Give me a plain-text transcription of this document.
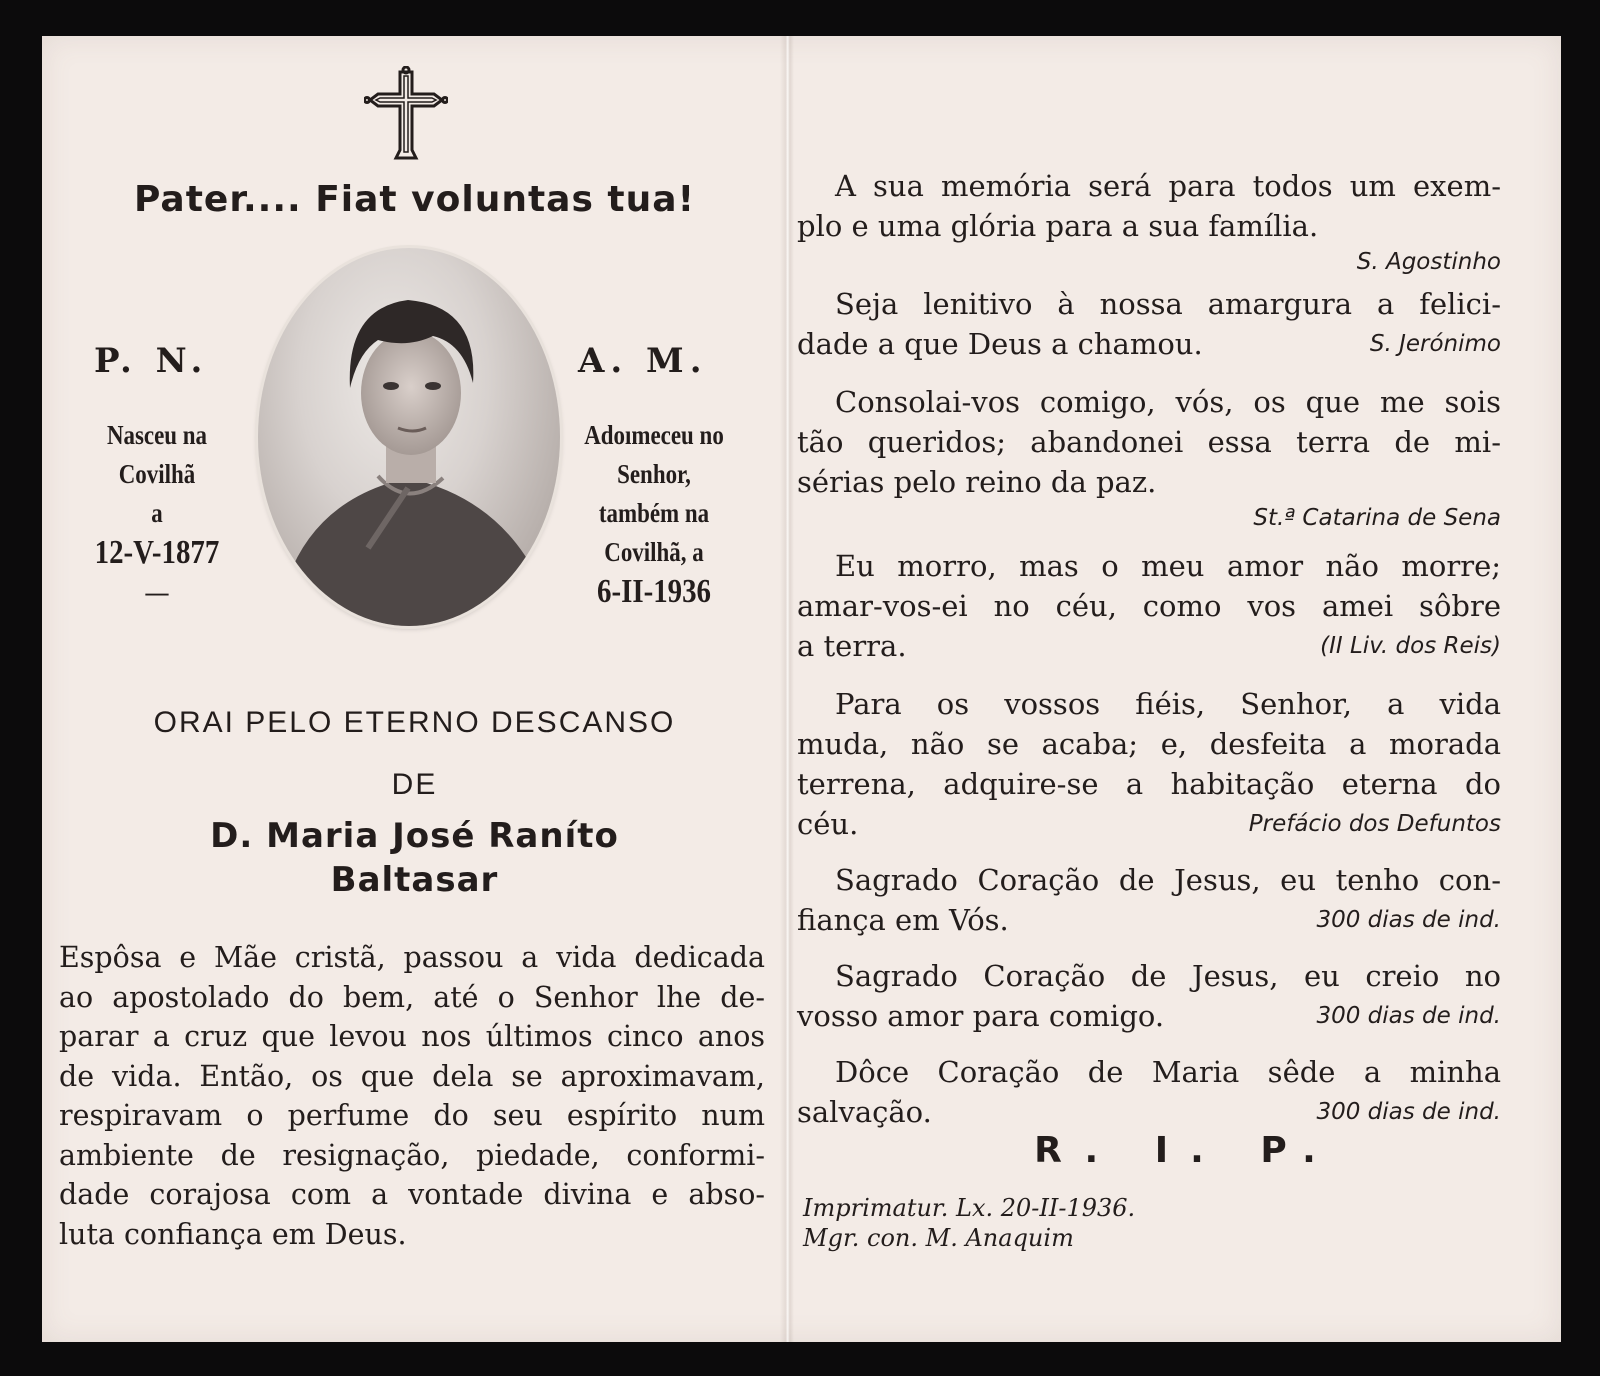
Pater.... Fiat voluntas tua!
P. N.	A. M.
Nasceu na
Covilhã
a
12-V-1877
—
Adoımeceu no
Senhor,
também na
Covilhã, a
6-II-1936
ORAI PELO ETERNO DESCANSO
DE
D. Maria José Raníto
Baltasar
Espôsa e Mãe cristã, passou a vida dedicada
ao apostolado do bem, até o Senhor lhe de-
parar a cruz que levou nos últimos cinco anos
de vida. Então, os que dela se aproximavam,
respiravam o perfume do seu espírito num
ambiente de resignação, piedade, conformi-
dade corajosa com a vontade divina e abso-
luta confiança em Deus.
A sua memória será para todos um exem-
plo e uma glória para a sua família.
S. Agostinho
Seja lenitivo à nossa amargura a felici-
dade a que Deus a chamou.	S. Jerónimo
Consolai-vos comigo, vós, os que me sois
tão queridos; abandonei essa terra de mi-
sérias pelo reino da paz.
St.ª Catarina de Sena
Eu morro, mas o meu amor não morre;
amar-vos-ei no céu, como vos amei sôbre
a terra.	(II Liv. dos Reis)
Para os vossos fiéis, Senhor, a vida
muda, não se acaba; e, desfeita a morada
terrena, adquire-se a habitação eterna do
céu.	Prefácio dos Defuntos
Sagrado Coração de Jesus, eu tenho con-
fiança em Vós.	300 dias de ind.
Sagrado Coração de Jesus, eu creio no
vosso amor para comigo.	300 dias de ind.
Dôce Coração de Maria sêde a minha
salvação.	300 dias de ind.
R. I. P.
Imprimatur. Lx. 20-II-1936.
Mgr. con. M. Anaquim
